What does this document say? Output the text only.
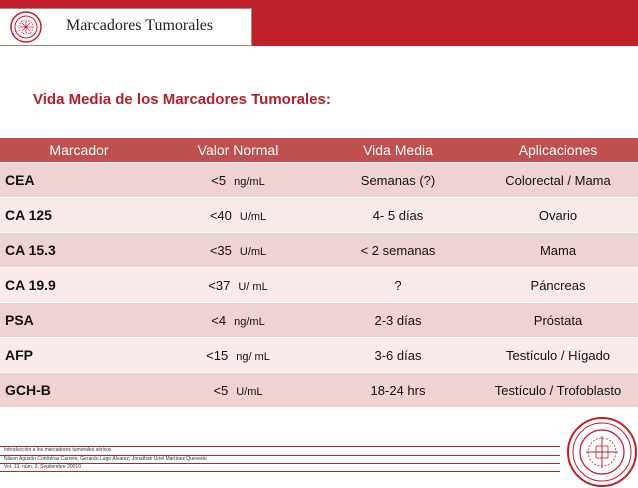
Marcadores Tumorales
Vida Media de los Marcadores Tumorales:
Marcador	Valor Normal	Vida Media	Aplicaciones
CEA	<5 ng/mL	Semanas (?)	Colorectal / Mama
CA 125	<40 U/mL	4- 5 días	Ovario
CA 15.3	<35 U/mL	< 2 semanas	Mama
CA 19.9	<37 U/ mL	?	Páncreas
PSA	<4 ng/mL	2-3 días	Próstata
AFP	<15 ng/ mL	3-6 días	Testículo / Hígado
GCH-B	<5 U/mL	18-24 hrs	Testículo / Trofoblasto
Introducción a los marcadores tumorales séricos
Nilson Agustín Contreras Carreto, Gerardo Lugo Álvarez, Jonathan Uriel Martínez Quevedo
Vol. 13, núm. 3, Septiembre 20010
